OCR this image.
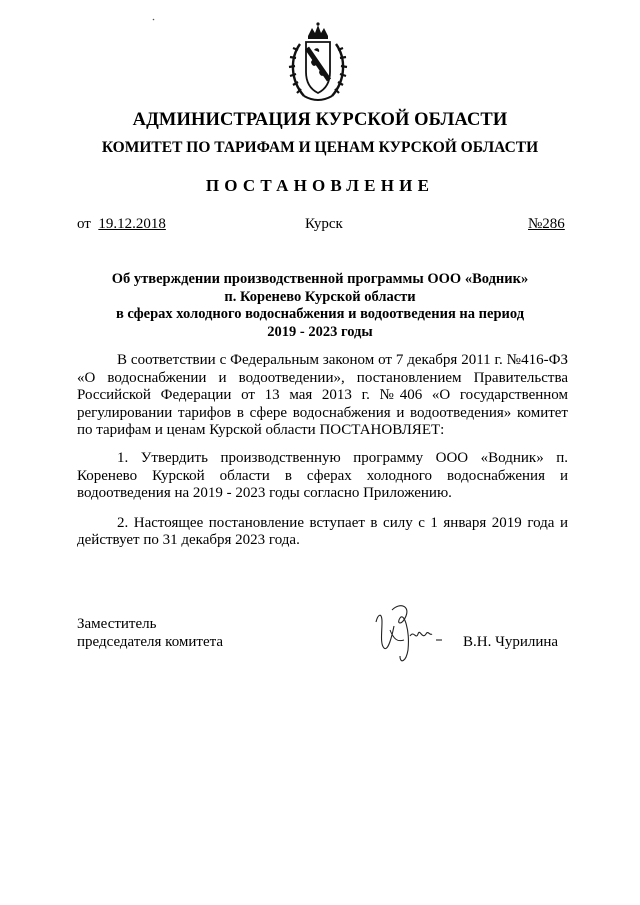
АДМИНИСТРАЦИЯ КУРСКОЙ ОБЛАСТИ
КОМИТЕТ ПО ТАРИФАМ И ЦЕНАМ КУРСКОЙ ОБЛАСТИ
ПОСТАНОВЛЕНИЕ
от 19.12.2018	Курск	№286
Об утверждении производственной программы ООО «Водник»
п. Коренево Курской области
в сферах холодного водоснабжения и водоотведения на период
2019 - 2023 годы

В соответствии с Федеральным законом от 7 декабря 2011 г. №416-ФЗ «О водоснабжении и водоотведении», постановлением Правительства Российской Федерации от 13 мая 2013 г. №406 «О государственном регулировании тарифов в сфере водоснабжения и водоотведения» комитет по тарифам и ценам Курской области ПОСТАНОВЛЯЕТ:

1. Утвердить производственную программу ООО «Водник» п. Коренево Курской области в сферах холодного водоснабжения и водоотведения на 2019 - 2023 годы согласно Приложению.

2. Настоящее постановление вступает в силу с 1 января 2019 года и действует по 31 декабря 2023 года.

Заместитель
председателя комитета	В.Н. Чурилина
